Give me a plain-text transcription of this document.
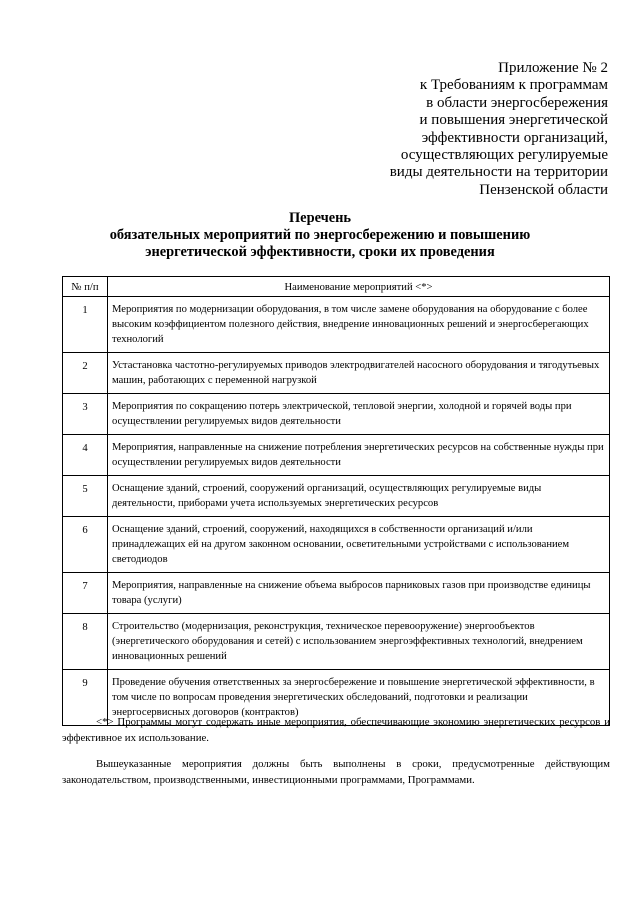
Приложение № 2
к Требованиям к программам
в области энергосбережения
и повышения энергетической
эффективности организаций,
осуществляющих регулируемые
виды деятельности на территории
Пензенской области
Перечень
обязательных мероприятий по энергосбережению и повышению
энергетической эффективности, сроки их проведения
№ п/п	Наименование мероприятий <*>
1	Мероприятия по модернизации оборудования, в том числе замене оборудования на оборудование с более высоким коэффициентом полезного действия, внедрение инновационных решений и энергосберегающих технологий
2	Устастановка частотно-регулируемых приводов электродвигателей насосного оборудования и тягодутьевых машин, работающих с переменной нагрузкой
3	Мероприятия по сокращению потерь электрической, тепловой энергии, холодной и горячей воды при осуществлении регулируемых видов деятельности
4	Мероприятия, направленные на снижение потребления энергетических ресурсов на собственные нужды при осуществлении регулируемых видов деятельности
5	Оснащение зданий, строений, сооружений организаций, осуществляющих регулируемые виды деятельности, приборами учета используемых энергетических ресурсов
6	Оснащение зданий, строений, сооружений, находящихся в собственности организаций и/или принадлежащих ей на другом законном основании, осветительными устройствами с использованием светодиодов
7	Мероприятия, направленные на снижение объема выбросов парниковых газов при производстве единицы товара (услуги)
8	Строительство (модернизация, реконструкция, техническое перевооружение) энергообъектов (энергетического оборудования и сетей) с использованием энергоэффективных технологий, внедрением инновационных решений
9	Проведение обучения ответственных за энергосбережение и повышение энергетической эффективности, в том числе по вопросам проведения энергетических обследований, подготовки и реализации энергосервисных договоров (контрактов)

<*> Программы могут содержать иные мероприятия, обеспечивающие экономию энергетических ресурсов и эффективное их использование.

Вышеуказанные мероприятия должны быть выполнены в сроки, предусмотренные действующим законодательством, производственными, инвестиционными программами, Программами.
